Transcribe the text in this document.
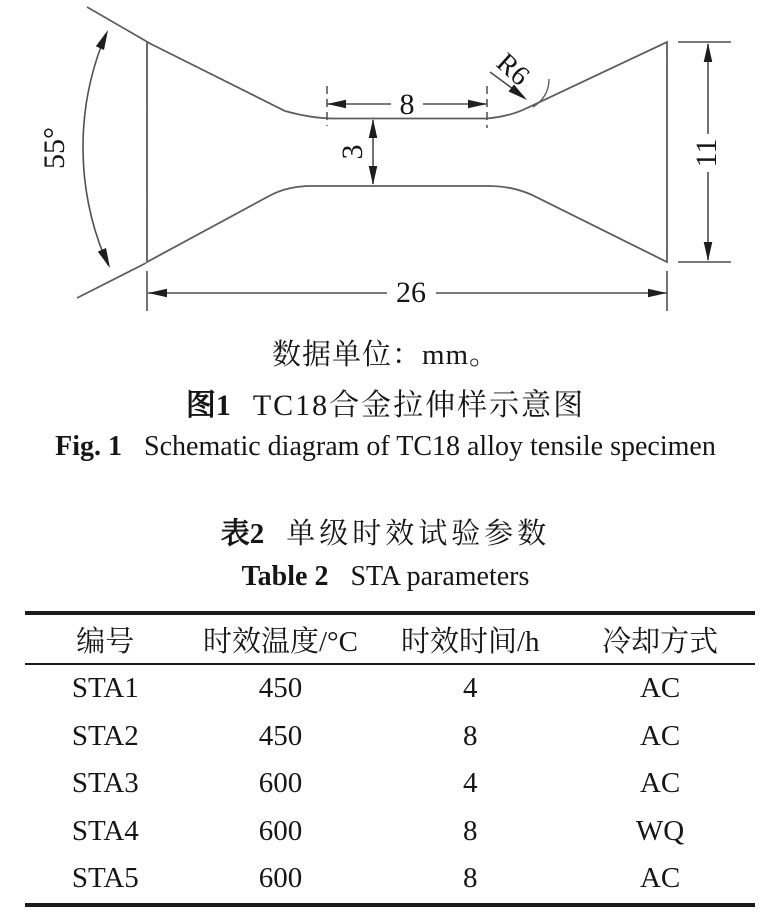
55°
8
3
R6
11
26
数据单位：mm。
图1 TC18合金拉伸样示意图
Fig. 1 Schematic diagram of TC18 alloy tensile specimen
表2 单级时效试验参数
Table 2 STA parameters
编号	时效温度/°C	时效时间/h	冷却方式
STA1	450	4	AC
STA2	450	8	AC
STA3	600	4	AC
STA4	600	8	WQ
STA5	600	8	AC
